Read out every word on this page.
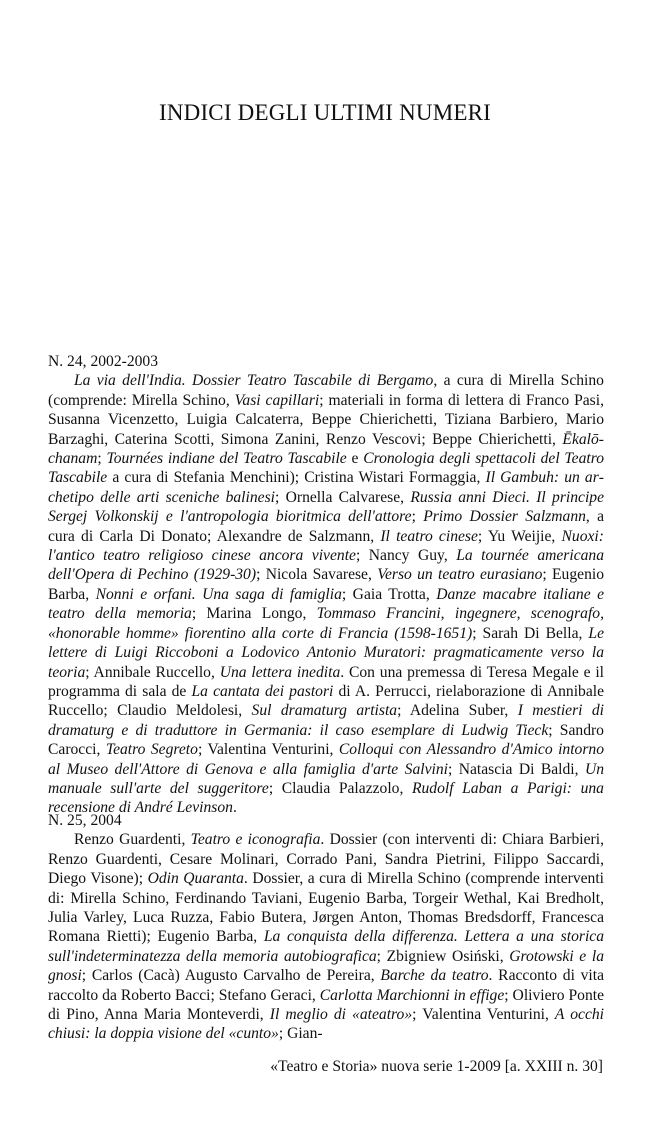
INDICI DEGLI ULTIMI NUMERI

N. 24, 2002-2003

La via dell'India. Dossier Teatro Tascabile di Bergamo, a cura di Mirella Schino (comprende: Mirella Schino, Vasi capillari; materiali in forma di lettera di Franco Pasi, Susanna Vicenzetto, Luigia Calcaterra, Beppe Chierichetti, Tiziana Barbiero, Mario Barzaghi, Caterina Scotti, Simona Zanini, Renzo Vescovi; Beppe Chierichetti, Ēkalōchanam; Tournées indiane del Teatro Tascabile e Cronologia degli spettacoli del Teatro Tascabile a cura di Stefania Menchini); Cristina Wistari Formaggia, Il Gambuh: un archetipo delle arti sceniche balinesi; Ornella Calvarese, Russia anni Dieci. Il principe Sergej Volkonskij e l'antropologia bioritmica dell'attore; Primo Dossier Salzmann, a cura di Carla Di Donato; Alexandre de Salzmann, Il teatro cinese; Yu Weijie, Nuoxi: l'antico teatro religioso cinese ancora vivente; Nancy Guy, La tournée americana dell'Opera di Pechino (1929-30); Nicola Savarese, Verso un teatro eurasiano; Eugenio Barba, Nonni e orfani. Una saga di famiglia; Gaia Trotta, Danze macabre italiane e teatro della memoria; Marina Longo, Tommaso Francini, ingegnere, scenografo, «honorable homme» fiorentino alla corte di Francia (1598-1651); Sarah Di Bella, Le lettere di Luigi Riccoboni a Lodovico Antonio Muratori: pragmaticamente verso la teoria; Annibale Ruccello, Una lettera inedita. Con una premessa di Teresa Megale e il programma di sala de La cantata dei pastori di A. Perrucci, rielaborazione di Annibale Ruccello; Claudio Meldolesi, Sul dramaturg artista; Adelina Suber, I mestieri di dramaturg e di traduttore in Germania: il caso esemplare di Ludwig Tieck; Sandro Carocci, Teatro Segreto; Valentina Venturini, Colloqui con Alessandro d'Amico intorno al Museo dell'Attore di Genova e alla famiglia d'arte Salvini; Natascia Di Baldi, Un manuale sull'arte del suggeritore; Claudia Palazzolo, Rudolf Laban a Parigi: una recensione di André Levinson.

N. 25, 2004

Renzo Guardenti, Teatro e iconografia. Dossier (con interventi di: Chiara Barbieri, Renzo Guardenti, Cesare Molinari, Corrado Pani, Sandra Pietrini, Filippo Saccardi, Diego Visone); Odin Quaranta. Dossier, a cura di Mirella Schino (comprende interventi di: Mirella Schino, Ferdinando Taviani, Eugenio Barba, Torgeir Wethal, Kai Bredholt, Julia Varley, Luca Ruzza, Fabio Butera, Jørgen Anton, Thomas Bredsdorff, Francesca Romana Rietti); Eugenio Barba, La conquista della differenza. Lettera a una storica sull'indeterminatezza della memoria autobiografica; Zbigniew Osiński, Grotowski e la gnosi; Carlos (Cacà) Augusto Carvalho de Pereira, Barche da teatro. Racconto di vita raccolto da Roberto Bacci; Stefano Geraci, Carlotta Marchionni in effige; Oliviero Ponte di Pino, Anna Maria Monteverdi, Il meglio di «ateatro»; Valentina Venturini, A occhi chiusi: la doppia visione del «cunto»; Gian-

«Teatro e Storia» nuova serie 1-2009 [a. XXIII n. 30]
